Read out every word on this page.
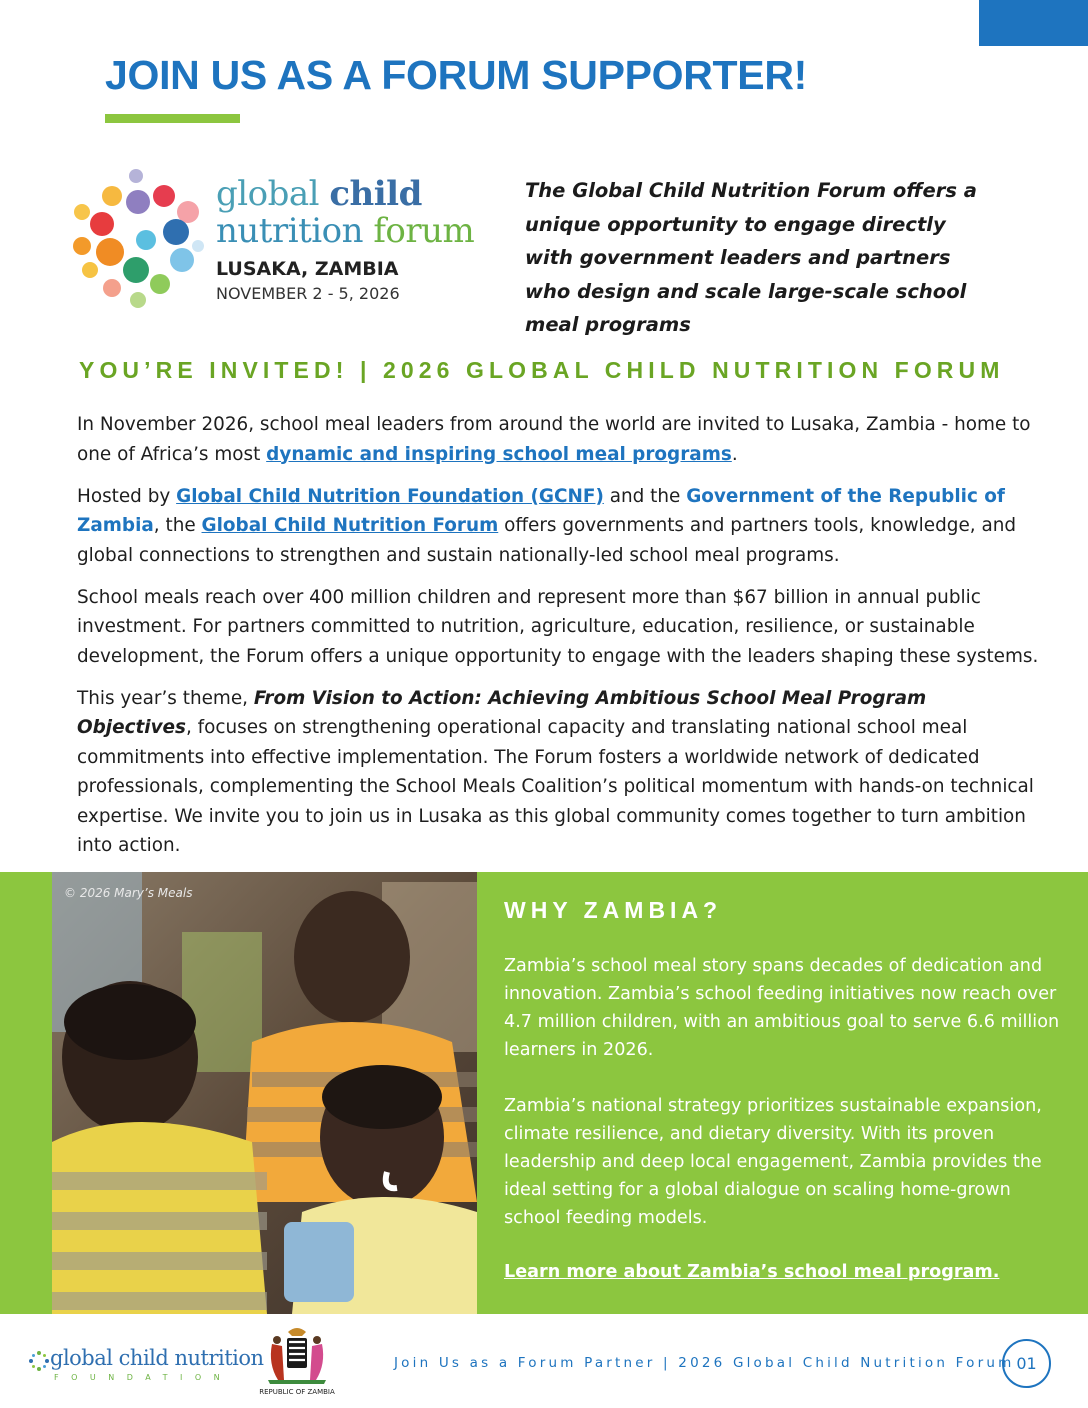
JOIN US AS A FORUM SUPPORTER!
global child
nutrition forum
LUSAKA, ZAMBIA
NOVEMBER 2 - 5, 2026

The Global Child Nutrition Forum offers a unique opportunity to engage directly with government leaders and partners who design and scale large-scale school meal programs

YOU’RE INVITED! | 2026 GLOBAL CHILD NUTRITION FORUM

In November 2026, school meal leaders from around the world are invited to Lusaka, Zambia - home to one of Africa’s most dynamic and inspiring school meal programs.

Hosted by Global Child Nutrition Foundation (GCNF) and the Government of the Republic of Zambia, the Global Child Nutrition Forum offers governments and partners tools, knowledge, and global connections to strengthen and sustain nationally-led school meal programs.

School meals reach over 400 million children and represent more than $67 billion in annual public investment. For partners committed to nutrition, agriculture, education, resilience, or sustainable development, the Forum offers a unique opportunity to engage with the leaders shaping these systems.

This year’s theme, From Vision to Action: Achieving Ambitious School Meal Program Objectives, focuses on strengthening operational capacity and translating national school meal commitments into effective implementation. The Forum fosters a worldwide network of dedicated professionals, complementing the School Meals Coalition’s political momentum with hands-on technical expertise. We invite you to join us in Lusaka as this global community comes together to turn ambition into action.

© 2026 Mary’s Meals
WHY ZAMBIA?

Zambia’s school meal story spans decades of dedication and innovation. Zambia’s school feeding initiatives now reach over 4.7 million children, with an ambitious goal to serve 6.6 million learners in 2026.

Zambia’s national strategy prioritizes sustainable expansion, climate resilience, and dietary diversity. With its proven leadership and deep local engagement, Zambia provides the ideal setting for a global dialogue on scaling home-grown school feeding models.

Learn more about Zambia’s school meal program.
global child nutrition
FOUNDATION
REPUBLIC OF ZAMBIA
Join Us as a Forum Partner | 2026 Global Child Nutrition Forum 01
